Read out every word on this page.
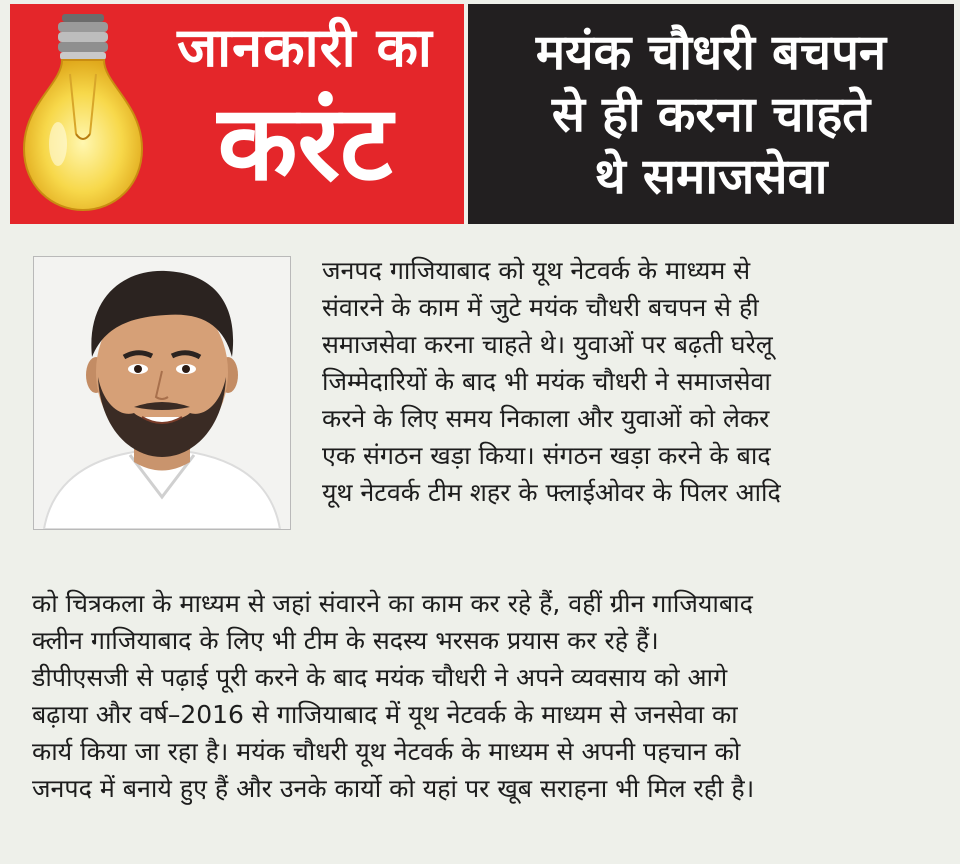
जानकारी का
करंट
मयंक चौधरी बचपन
से ही करना चाहते
थे समाजसेवा
जनपद गाजियाबाद को यूथ नेटवर्क के माध्यम से
संवारने के काम में जुटे मयंक चौधरी बचपन से ही
समाजसेवा करना चाहते थे। युवाओं पर बढ़ती घरेलू
जिम्मेदारियों के बाद भी मयंक चौधरी ने समाजसेवा
करने के लिए समय निकाला और युवाओं को लेकर
एक संगठन खड़ा किया। संगठन खड़ा करने के बाद
यूथ नेटवर्क टीम शहर के फ्लाईओवर के पिलर आदि
को चित्रकला के माध्यम से जहां संवारने का काम कर रहे हैं, वहीं ग्रीन गाजियाबाद
क्लीन गाजियाबाद के लिए भी टीम के सदस्य भरसक प्रयास कर रहे हैं।
डीपीएसजी से पढ़ाई पूरी करने के बाद मयंक चौधरी ने अपने व्यवसाय को आगे
बढ़ाया और वर्ष–2016 से गाजियाबाद में यूथ नेटवर्क के माध्यम से जनसेवा का
कार्य किया जा रहा है। मयंक चौधरी यूथ नेटवर्क के माध्यम से अपनी पहचान को
जनपद में बनाये हुए हैं और उनके कार्यो को यहां पर खूब सराहना भी मिल रही है।
